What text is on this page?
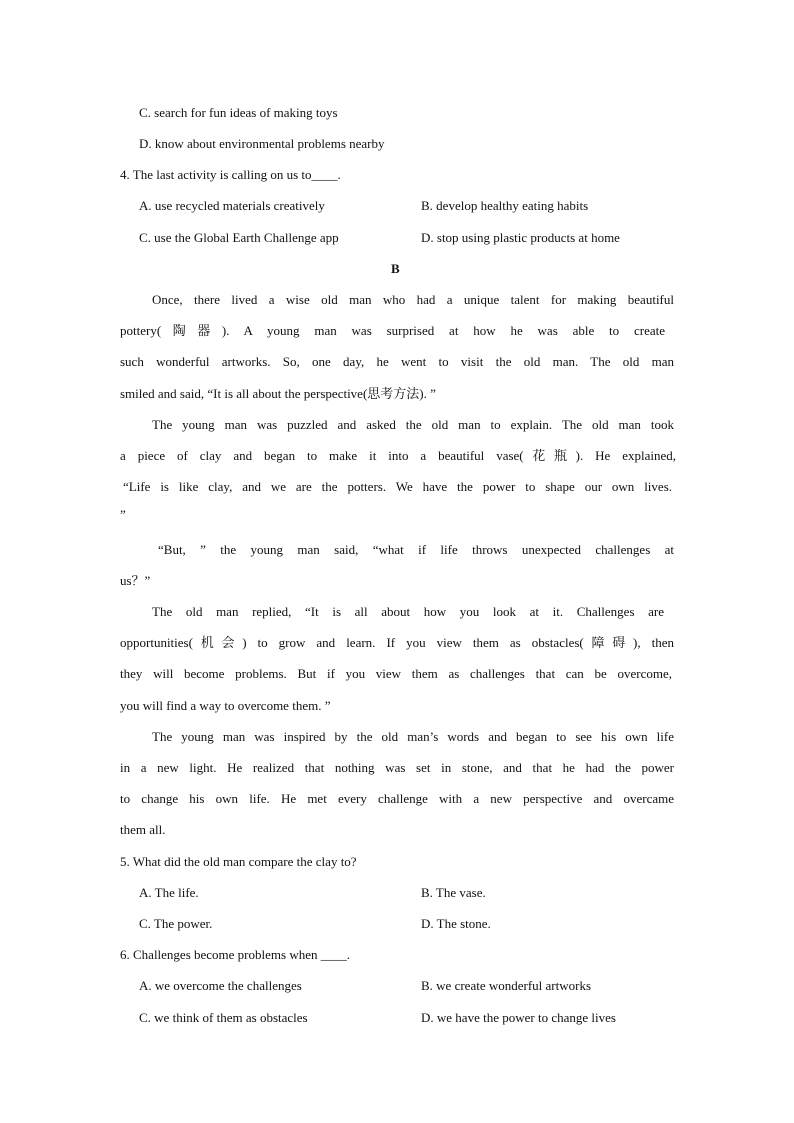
C. search for fun ideas of making toys
D. know about environmental problems nearby
4. The last activity is calling on us to____.
A. use recycled materials creatively	B. develop healthy eating habits
C. use the Global Earth Challenge app	D. stop using plastic products at home
B
Once, there lived a wise old man who had a unique talent for making beautiful
pottery(陶器). A young man was surprised at how he was able to create
such wonderful artworks. So, one day, he went to visit the old man. The old man
smiled and said, “It is all about the perspective(思考方法). ”
The young man was puzzled and asked the old man to explain. The old man took
a piece of clay and began to make it into a beautiful vase(花瓶). He explained,
“Life is like clay, and we are the potters. We have the power to shape our own lives.
”
“But, ” the young man said, “what if life throws unexpected challenges at
us？”
The old man replied, “It is all about how you look at it. Challenges are
opportunities(机会) to grow and learn. If you view them as obstacles(障碍), then
they will become problems. But if you view them as challenges that can be overcome,
you will find a way to overcome them. ”
The young man was inspired by the old man’s words and began to see his own life
in a new light. He realized that nothing was set in stone, and that he had the power
to change his own life. He met every challenge with a new perspective and overcame
them all.
5. What did the old man compare the clay to?
A. The life.	B. The vase.
C. The power.	D. The stone.
6. Challenges become problems when ____.
A. we overcome the challenges	B. we create wonderful artworks
C. we think of them as obstacles	D. we have the power to change lives
